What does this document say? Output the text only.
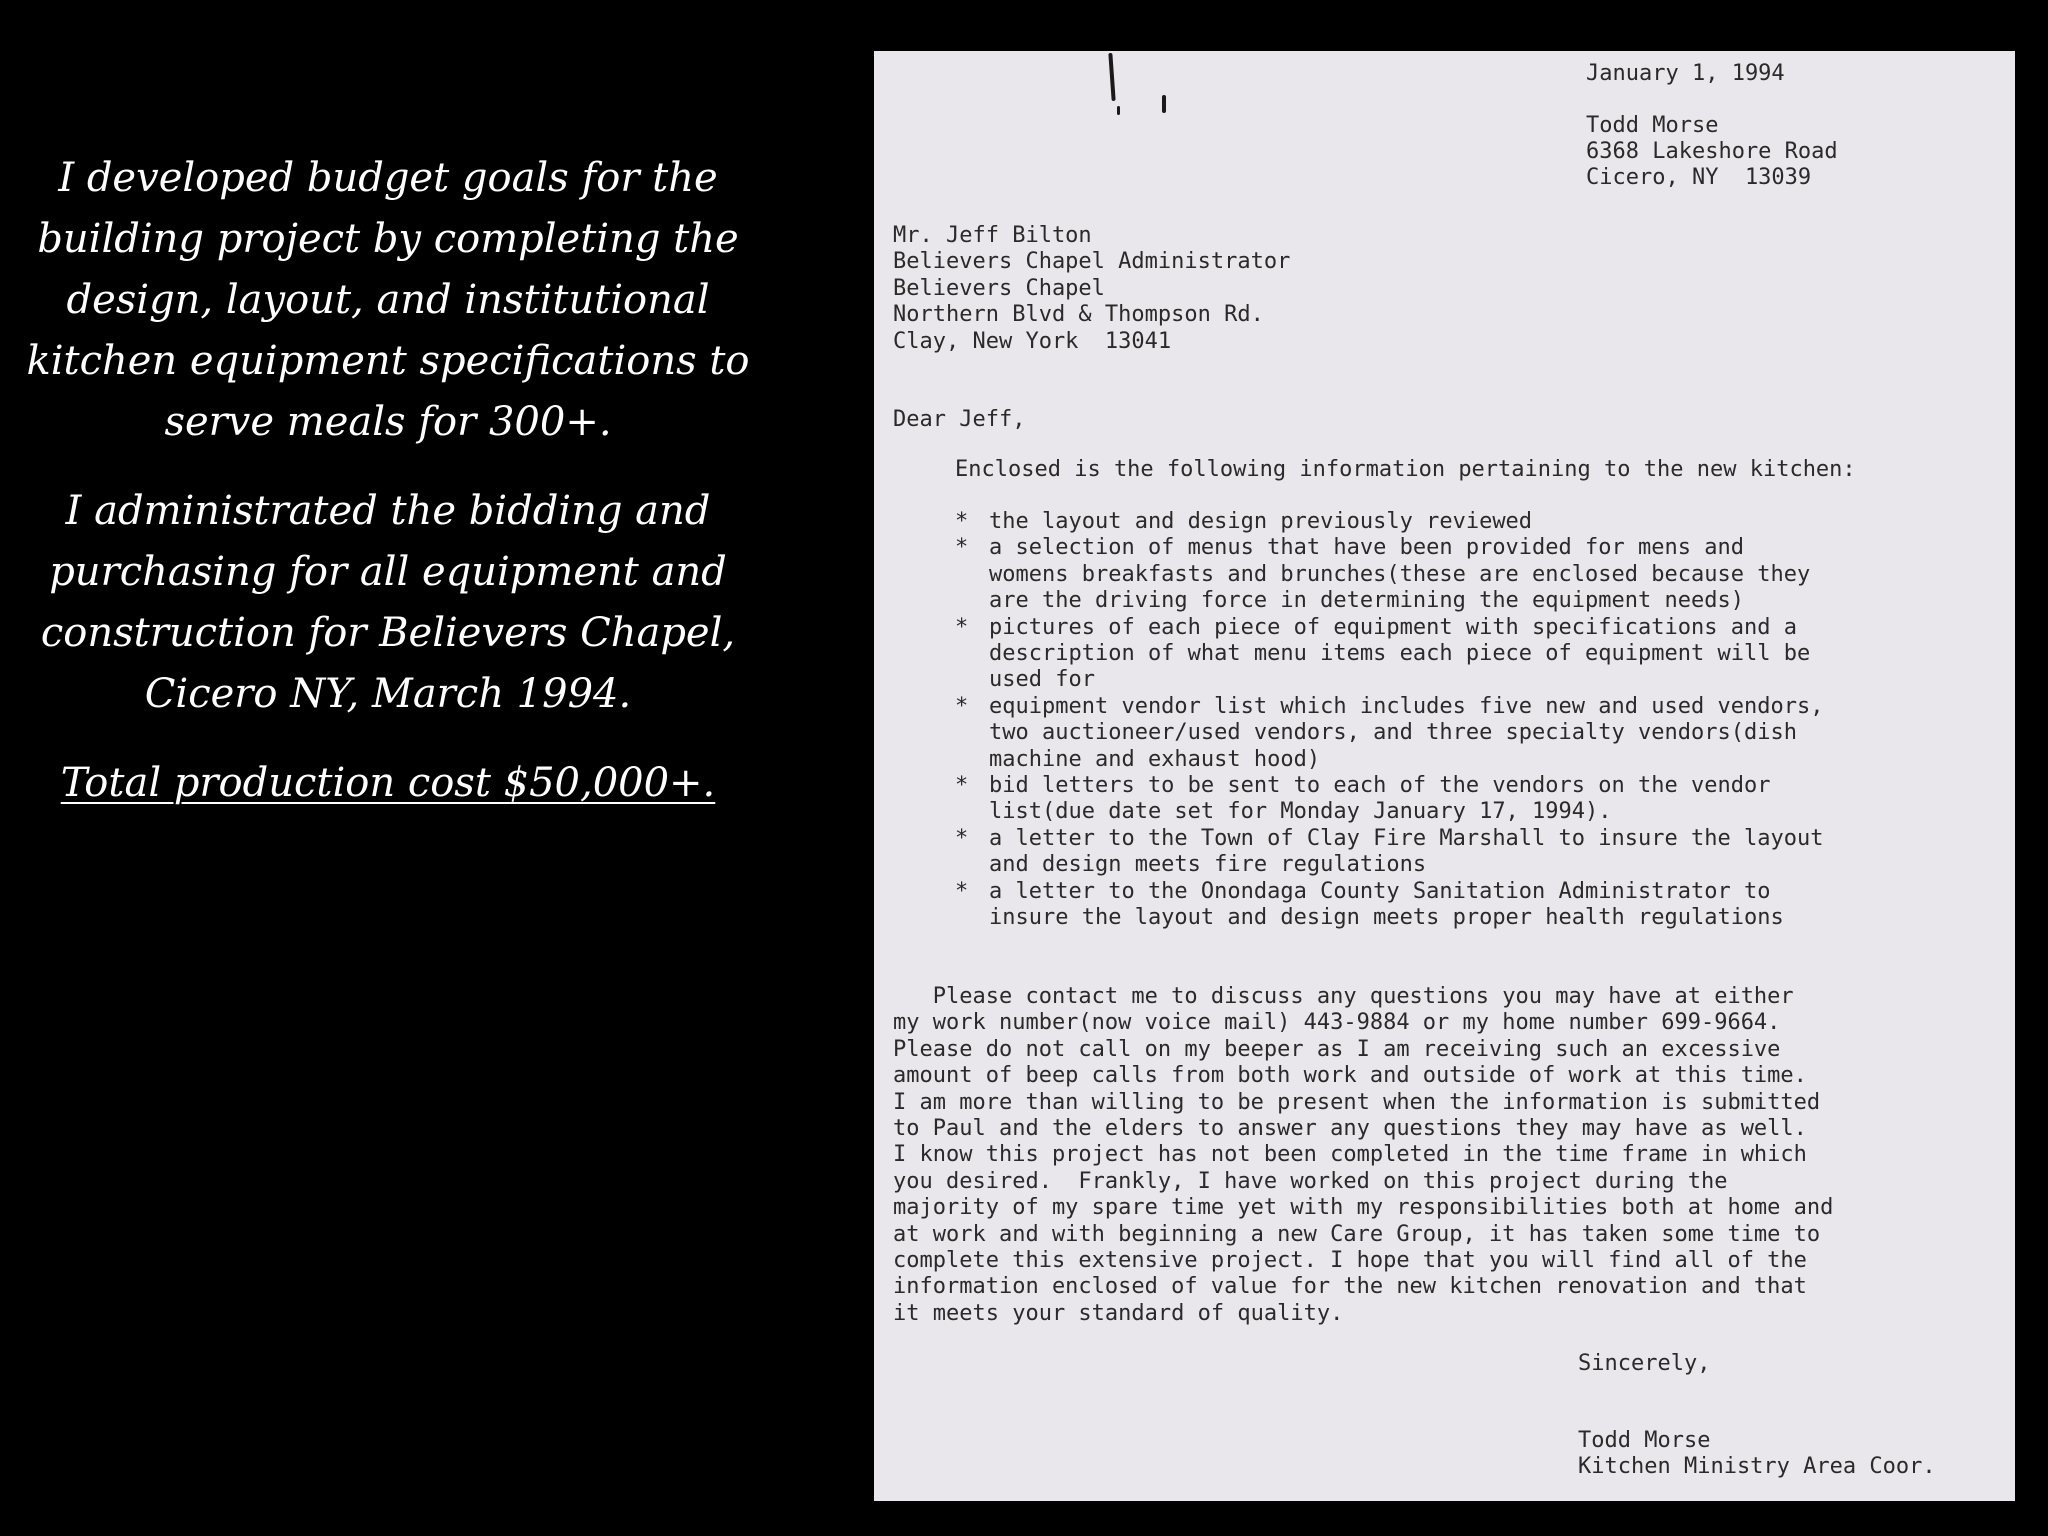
I developed budget goals for the building project by completing the design, layout, and institutional kitchen equipment specifications to serve meals for 300+.

I administrated the bidding and purchasing for all equipment and construction for Believers Chapel, Cicero NY, March 1994.

Total production cost $50,000+.

January 1, 1994

Todd Morse

6368 Lakeshore Road

Cicero, NY  13039

Mr. Jeff Bilton

Believers Chapel Administrator

Believers Chapel

Northern Blvd & Thompson Rd.

Clay, New York  13041

Dear Jeff,

Enclosed is the following information pertaining to the new kitchen:

* the layout and design previously reviewed
* a selection of menus that have been provided for mens and
womens breakfasts and brunches(these are enclosed because they
are the driving force in determining the equipment needs)
* pictures of each piece of equipment with specifications and a
description of what menu items each piece of equipment will be
used for
* equipment vendor list which includes five new and used vendors,
two auctioneer/used vendors, and three specialty vendors(dish
machine and exhaust hood)
* bid letters to be sent to each of the vendors on the vendor
list(due date set for Monday January 17, 1994).
* a letter to the Town of Clay Fire Marshall to insure the layout
and design meets fire regulations
* a letter to the Onondaga County Sanitation Administrator to
insure the layout and design meets proper health regulations

Please contact me to discuss any questions you may have at either

my work number(now voice mail) 443-9884 or my home number 699-9664.

Please do not call on my beeper as I am receiving such an excessive

amount of beep calls from both work and outside of work at this time.

I am more than willing to be present when the information is submitted

to Paul and the elders to answer any questions they may have as well.

I know this project has not been completed in the time frame in which

you desired.  Frankly, I have worked on this project during the

majority of my spare time yet with my responsibilities both at home and

at work and with beginning a new Care Group, it has taken some time to

complete this extensive project. I hope that you will find all of the

information enclosed of value for the new kitchen renovation and that

it meets your standard of quality.

Sincerely,

Todd Morse

Kitchen Ministry Area Coor.
